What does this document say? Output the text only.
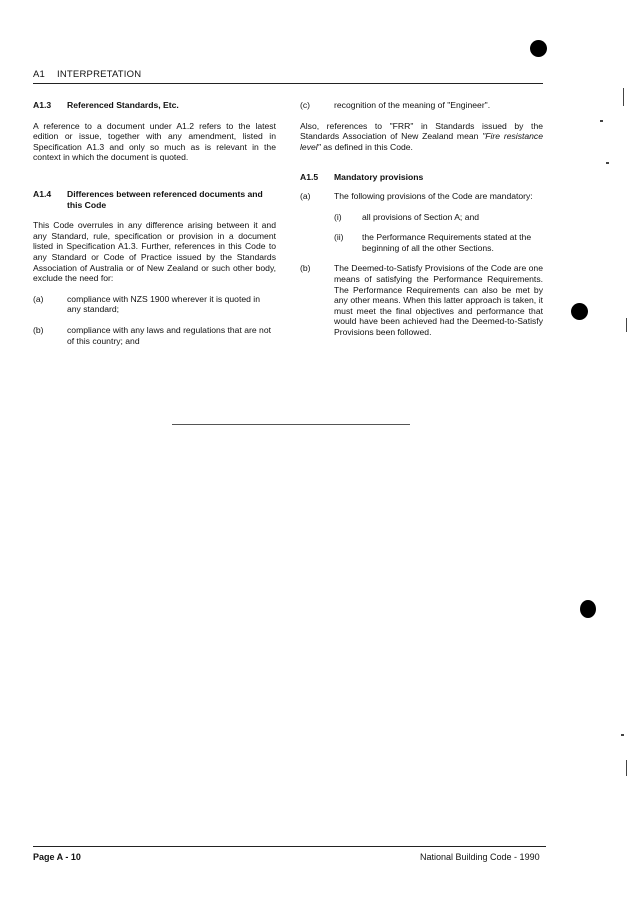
A1 INTERPRETATION
A1.3	Referenced Standards, Etc.

A reference to a document under A1.2 refers to the latest edition or issue, together with any amendment, listed in Specification A1.3 and only so much as is relevant in the context in which the document is quoted.

A1.4	Differences between referenced documents and this Code

This Code overrules in any difference arising between it and any Standard, rule, specification or provision in a document listed in Specification A1.3. Further, references in this Code to any Standard or Code of Practice issued by the Standards Association of Australia or of New Zealand or such other body, exclude the need for:

(a)	compliance with NZS 1900 wherever it is quoted in any standard;
(b)	compliance with any laws and regulations that are not of this country; and
(c)	recognition of the meaning of "Engineer".

Also, references to "FRR" in Standards issued by the Standards Association of New Zealand mean "Fire resistance level" as defined in this Code.

A1.5	Mandatory provisions
(a)	The following provisions of the Code are mandatory:
(i)	all provisions of Section A; and
(ii)	the Performance Requirements stated at the beginning of all the other Sections.
(b)	The Deemed-to-Satisfy Provisions of the Code are one means of satisfying the Performance Requirements. The Performance Requirements can also be met by any other means. When this latter approach is taken, it must meet the final objectives and performance that would have been achieved had the Deemed-to-Satisfy Provisions been followed.
Page A - 10	National Building Code - 1990
